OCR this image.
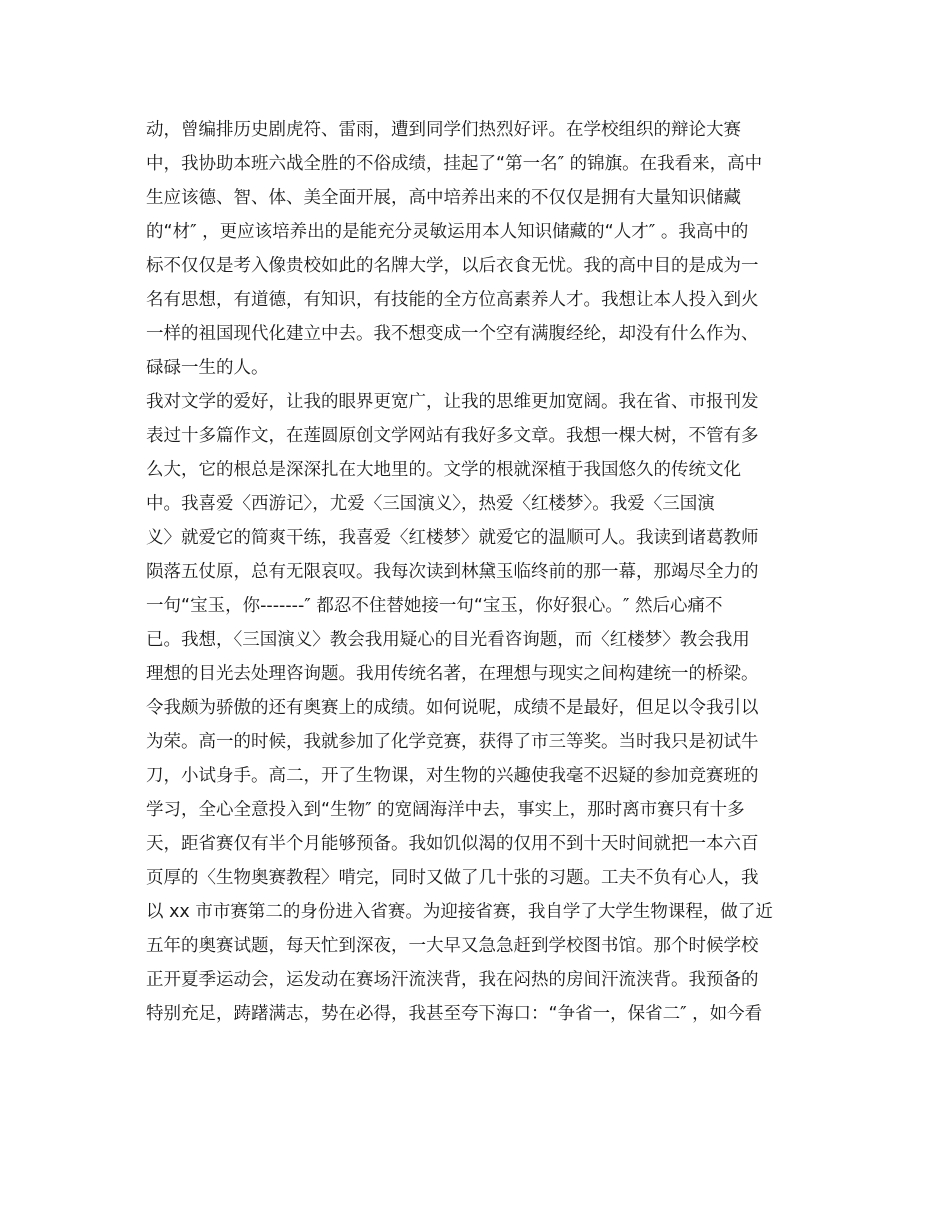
动，曾编排历史剧虎符、雷雨，遭到同学们热烈好评。在学校组织的辩论大赛
中，我协助本班六战全胜的不俗成绩，挂起了“第一名″ 的锦旗。在我看来，高中
生应该德、智、体、美全面开展，高中培养出来的不仅仅是拥有大量知识储藏
的“材″ ，更应该培养出的是能充分灵敏运用本人知识储藏的“人才″ 。我高中的
标不仅仅是考入像贵校如此的名牌大学，以后衣食无忧。我的高中目的是成为一
名有思想，有道德，有知识，有技能的全方位高素养人才。我想让本人投入到火
一样的祖国现代化建立中去。我不想变成一个空有满腹经纶，却没有什么作为、
碌碌一生的人。
我对文学的爱好，让我的眼界更宽广，让我的思维更加宽阔。我在省、市报刊发
表过十多篇作文，在莲圆原创文学网站有我好多文章。我想一棵大树，不管有多
么大，它的根总是深深扎在大地里的。文学的根就深植于我国悠久的传统文化
中。我喜爱〈西游记〉，尤爱〈三国演义〉，热爱〈红楼梦〉。我爱〈三国演
义〉就爱它的简爽干练，我喜爱〈红楼梦〉就爱它的温顺可人。我读到诸葛教师
陨落五仗原，总有无限哀叹。我每次读到林黛玉临终前的那一幕，那竭尽全力的
一句“宝玉，你-------″ 都忍不住替她接一句“宝玉，你好狠心。″ 然后心痛不
已。我想，〈三国演义〉教会我用疑心的目光看咨询题，而〈红楼梦〉教会我用
理想的目光去处理咨询题。我用传统名著，在理想与现实之间构建统一的桥梁。
令我颇为骄傲的还有奥赛上的成绩。如何说呢，成绩不是最好，但足以令我引以
为荣。高一的时候，我就参加了化学竞赛，获得了市三等奖。当时我只是初试牛
刀，小试身手。高二，开了生物课，对生物的兴趣使我毫不迟疑的参加竞赛班的
学习，全心全意投入到“生物″ 的宽阔海洋中去，事实上，那时离市赛只有十多
天，距省赛仅有半个月能够预备。我如饥似渴的仅用不到十天时间就把一本六百
页厚的〈生物奥赛教程〉啃完，同时又做了几十张的习题。工夫不负有心人，我
以 xx 市市赛第二的身份进入省赛。为迎接省赛，我自学了大学生物课程，做了近
五年的奥赛试题，每天忙到深夜，一大早又急急赶到学校图书馆。那个时候学校
正开夏季运动会，运发动在赛场汗流浃背，我在闷热的房间汗流浃背。我预备的
特别充足，踌躇满志，势在必得，我甚至夸下海口：“争省一，保省二″ ，如今看
